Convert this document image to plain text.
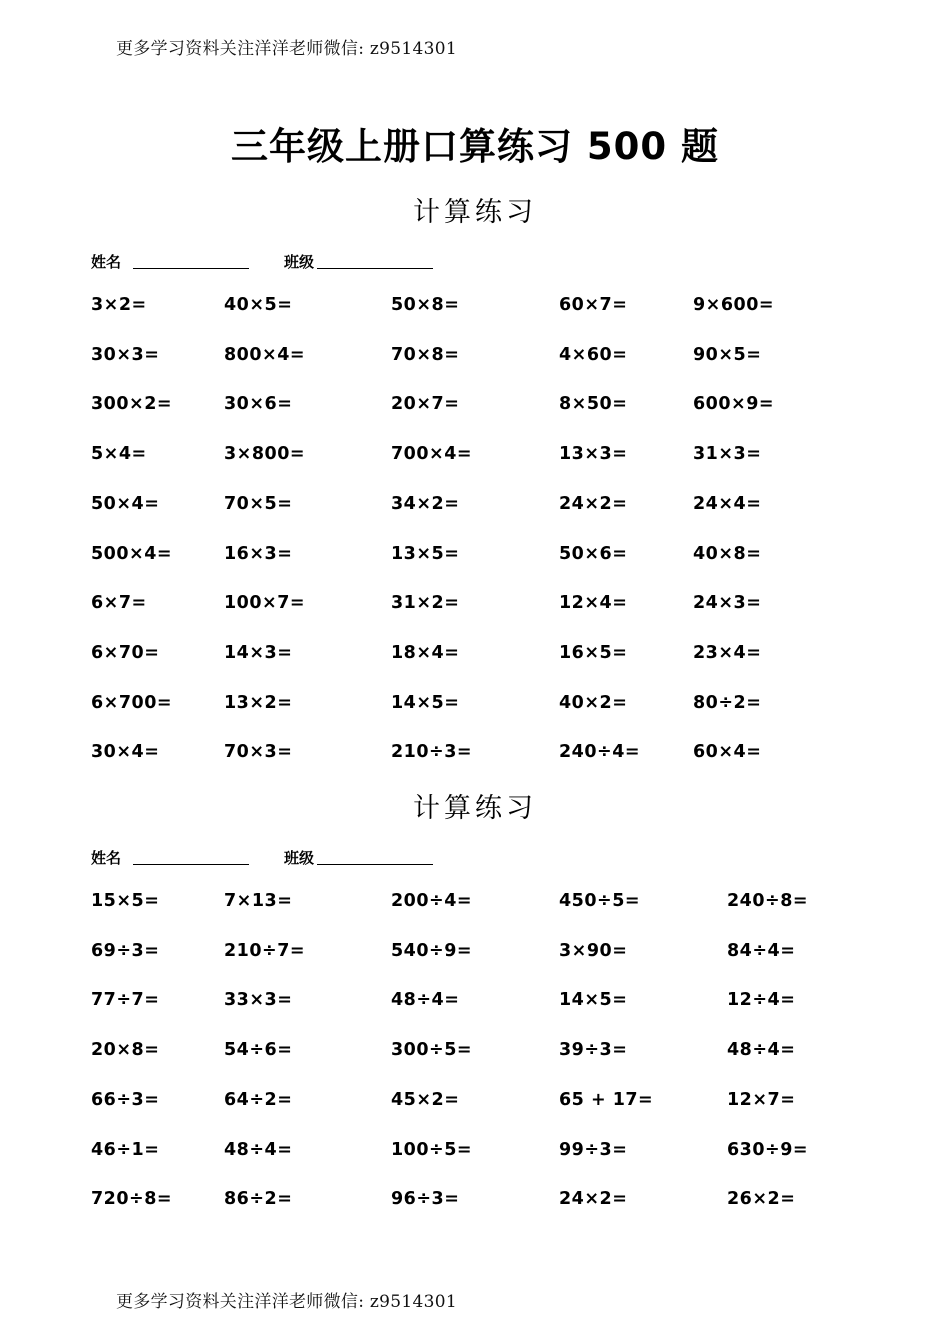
更多学习资料关注洋洋老师微信: z9514301
三年级上册口算练习 500 题
计算练习
姓名	班级
3×2=	40×5=	50×8=	60×7=	9×600=
30×3=	800×4=	70×8=	4×60=	90×5=
300×2=	30×6=	20×7=	8×50=	600×9=
5×4=	3×800=	700×4=	13×3=	31×3=
50×4=	70×5=	34×2=	24×2=	24×4=
500×4=	16×3=	13×5=	50×6=	40×8=
6×7=	100×7=	31×2=	12×4=	24×3=
6×70=	14×3=	18×4=	16×5=	23×4=
6×700=	13×2=	14×5=	40×2=	80÷2=
30×4=	70×3=	210÷3=	240÷4=	60×4=
计算练习
姓名	班级
15×5=	7×13=	200÷4=	450÷5=	240÷8=
69÷3=	210÷7=	540÷9=	3×90=	84÷4=
77÷7=	33×3=	48÷4=	14×5=	12÷4=
20×8=	54÷6=	300÷5=	39÷3=	48÷4=
66÷3=	64÷2=	45×2=	65 + 17=	12×7=
46÷1=	48÷4=	100÷5=	99÷3=	630÷9=
720÷8=	86÷2=	96÷3=	24×2=	26×2=
更多学习资料关注洋洋老师微信: z9514301
